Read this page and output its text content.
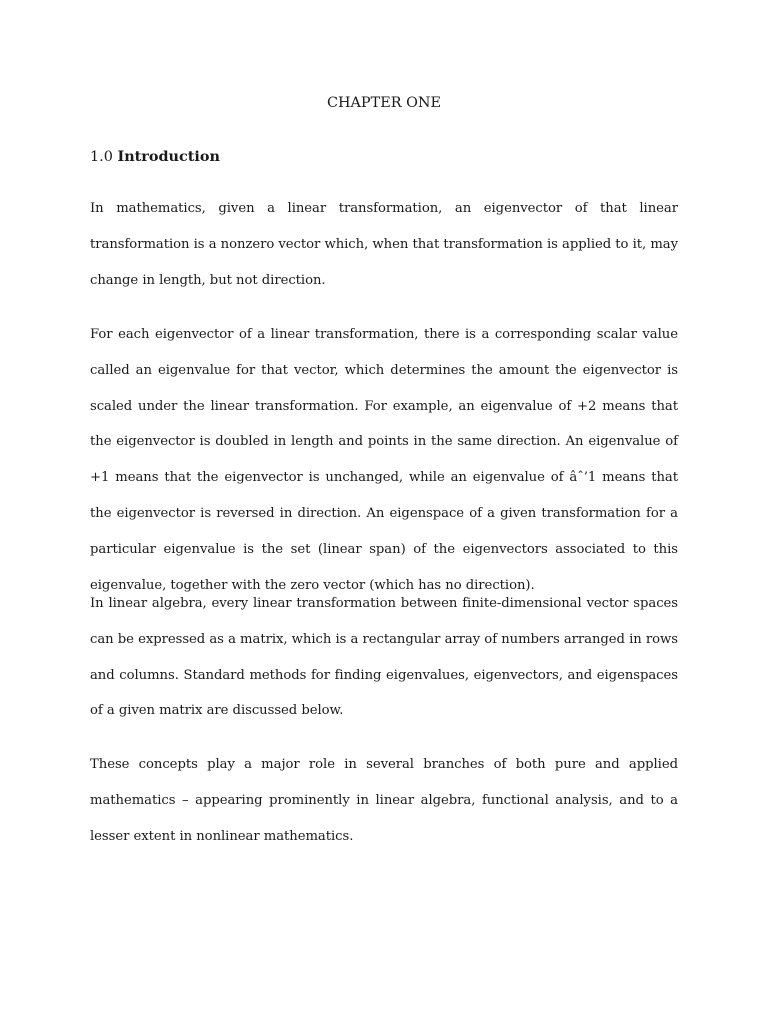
CHAPTER ONE
1.0 Introduction

In mathematics, given a linear transformation, an eigenvector of that linear transformation is a nonzero vector which, when that transformation is applied to it, may change in length, but not direction.

For each eigenvector of a linear transformation, there is a corresponding scalar value called an eigenvalue for that vector, which determines the amount the eigenvector is scaled under the linear transformation. For example, an eigenvalue of +2 means that the eigenvector is doubled in length and points in the same direction. An eigenvalue of +1 means that the eigenvector is unchanged, while an eigenvalue of âˆ’1 means that the eigenvector is reversed in direction. An eigenspace of a given transformation for a particular eigenvalue is the set (linear span) of the eigenvectors associated to this eigenvalue, together with the zero vector (which has no direction).

In linear algebra, every linear transformation between finite-dimensional vector spaces can be expressed as a matrix, which is a rectangular array of numbers arranged in rows and columns. Standard methods for finding eigenvalues, eigenvectors, and eigenspaces of a given matrix are discussed below.

These concepts play a major role in several branches of both pure and applied mathematics – appearing prominently in linear algebra, functional analysis, and to a lesser extent in nonlinear mathematics.
